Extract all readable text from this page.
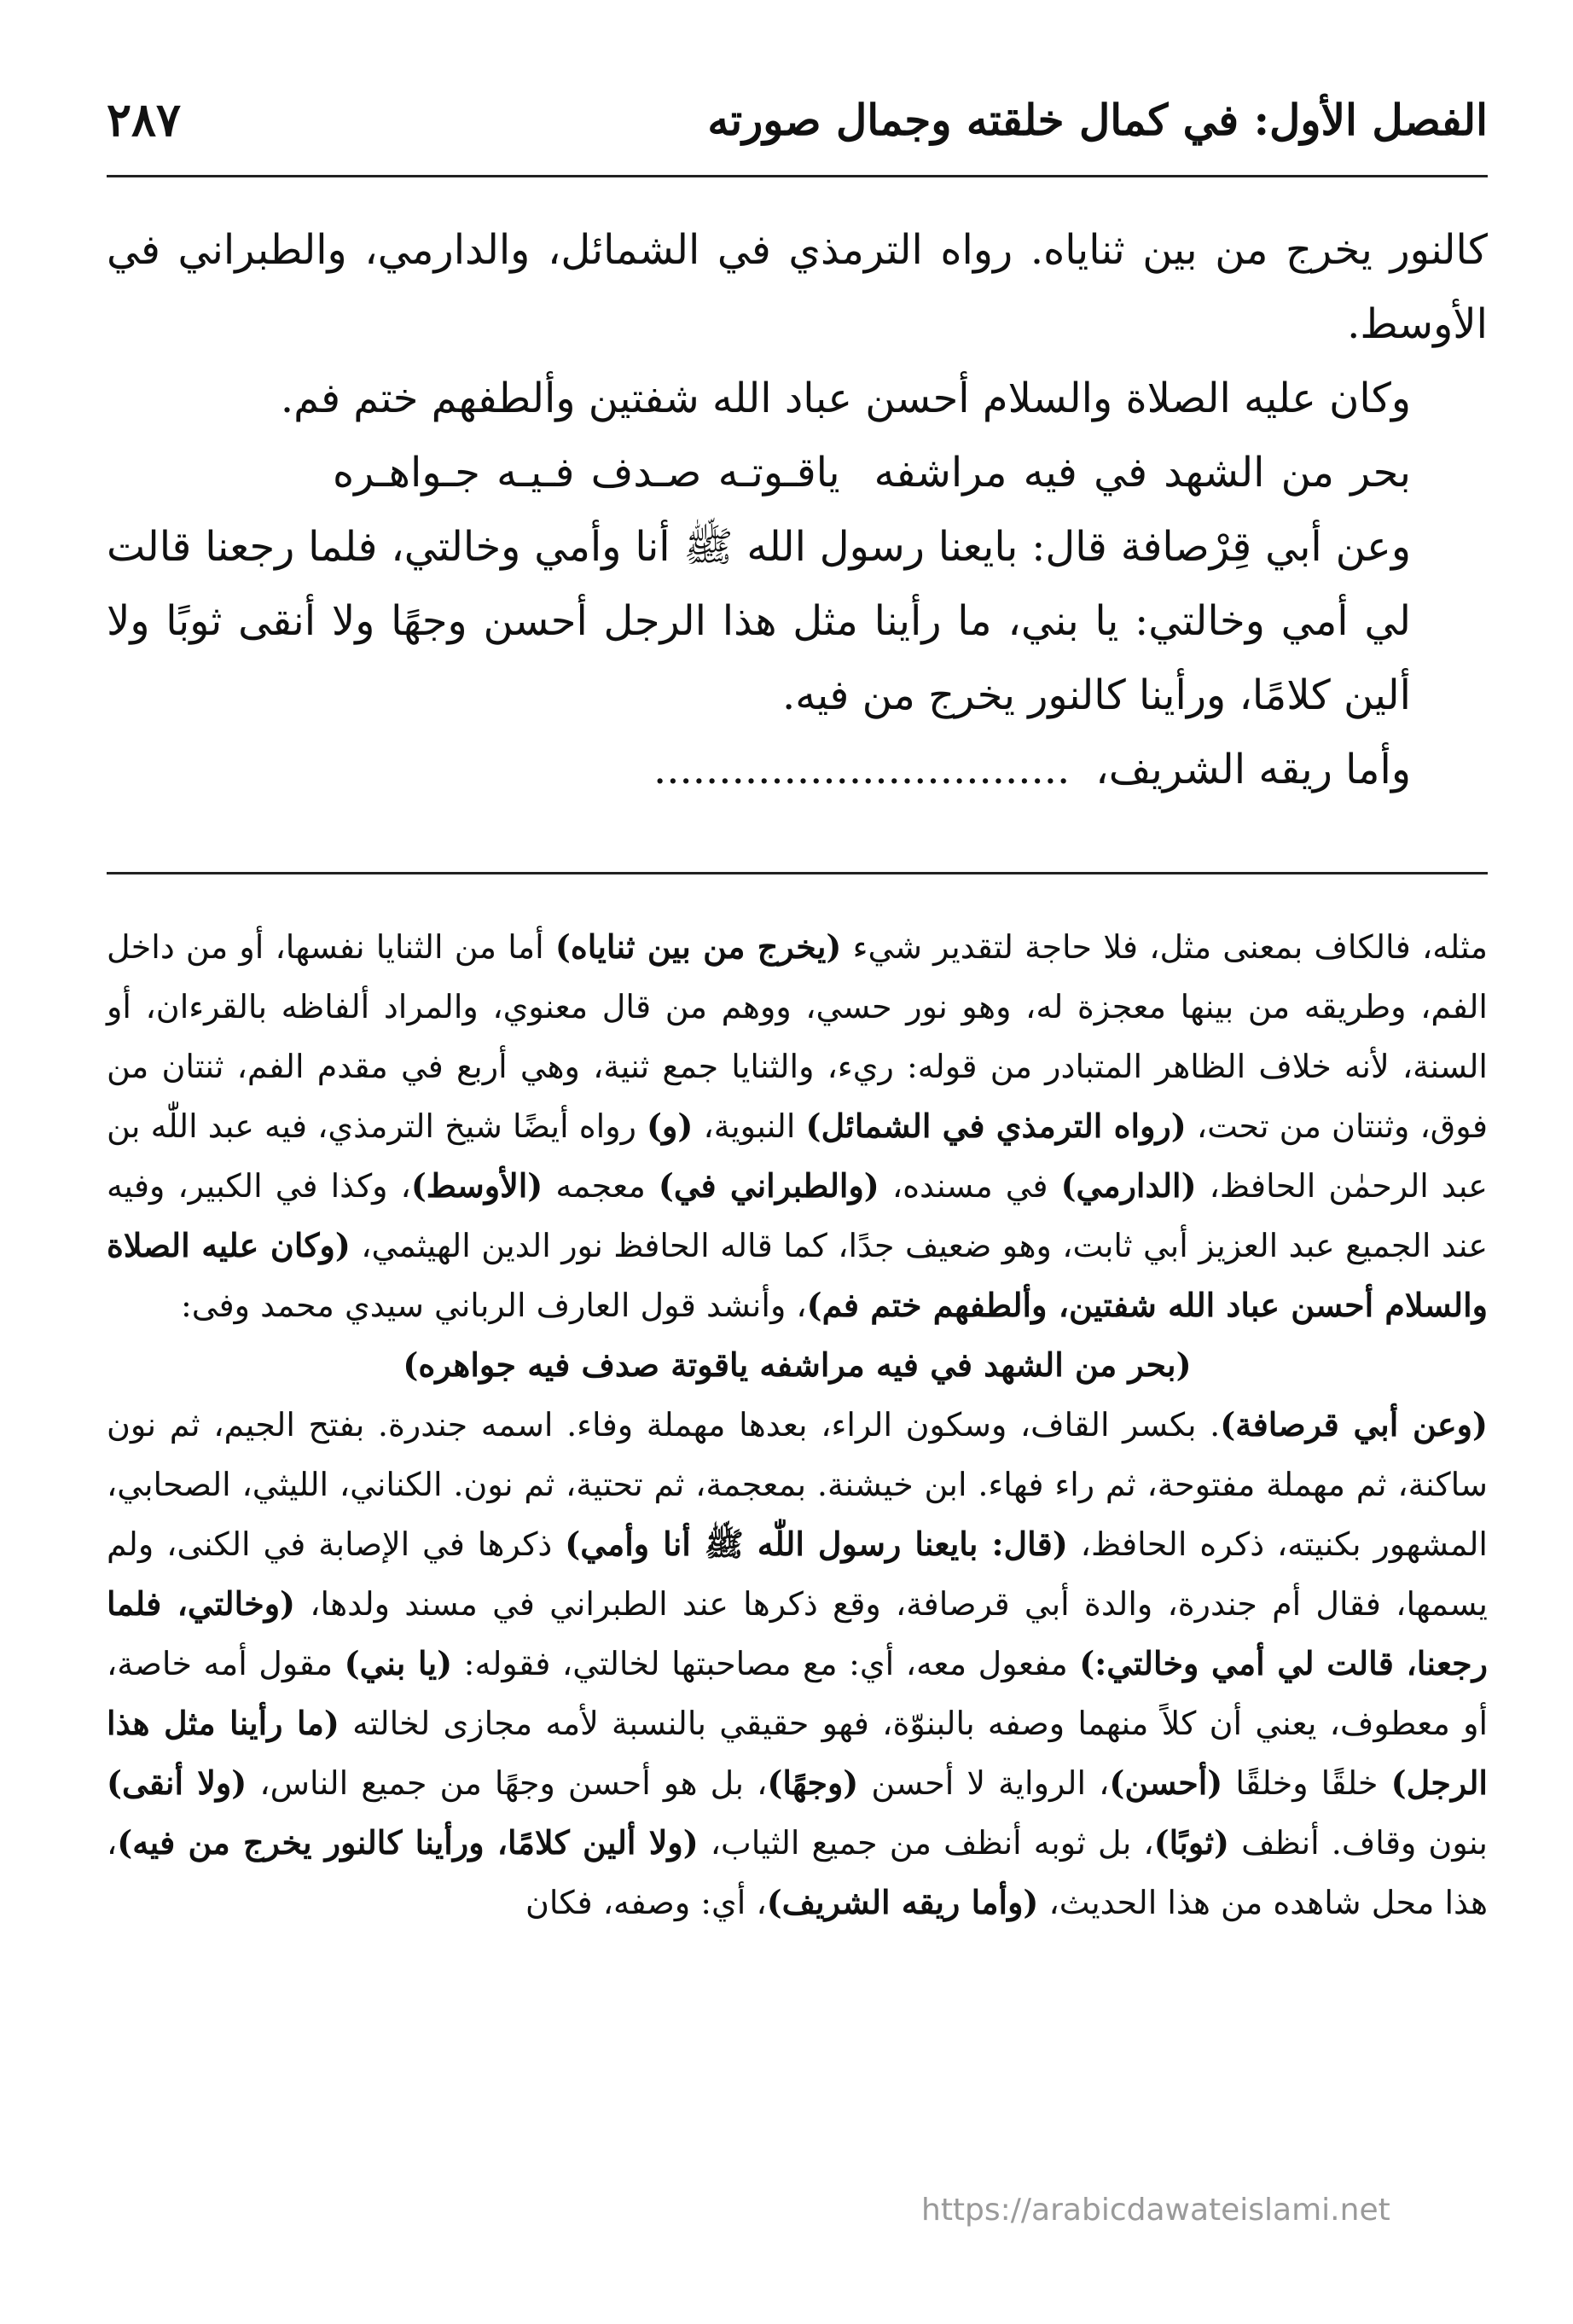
الفصل الأول: في كمال خلقته وجمال صورته
٢٨٧

كالنور يخرج من بين ثناياه. رواه الترمذي في الشمائل، والدارمي، والطبراني في الأوسط.

وكان عليه الصلاة والسلام أحسن عباد الله شفتين وألطفهم ختم فم.

بحر من الشهد في فيه مراشفهياقـوتـه صـدف فـيـه جـواهـره

وعن أبي قِرْصافة قال: بايعنا رسول الله ﷺ أنا وأمي وخالتي، فلما رجعنا قالت لي أمي وخالتي: يا بني، ما رأينا مثل هذا الرجل أحسن وجهًا ولا أنقى ثوبًا ولا ألين كلامًا، ورأينا كالنور يخرج من فيه.

وأما ريقه الشريف،................................

مثله، فالكاف بمعنى مثل، فلا حاجة لتقدير شيء (يخرج من بين ثناياه) أما من الثنايا نفسها، أو من داخل الفم، وطريقه من بينها معجزة له، وهو نور حسي، ووهم من قال معنوي، والمراد ألفاظه بالقرءان، أو السنة، لأنه خلاف الظاهر المتبادر من قوله: ريء، والثنايا جمع ثنية، وهي أربع في مقدم الفم، ثنتان من فوق، وثنتان من تحت، (رواه الترمذي في الشمائل) النبوية، (و) رواه أيضًا شيخ الترمذي، فيه عبد اللّٰه بن عبد الرحمٰن الحافظ، (الدارمي) في مسنده، (والطبراني في) معجمه (الأوسط)، وكذا في الكبير، وفيه عند الجميع عبد العزيز أبي ثابت، وهو ضعيف جدًا، كما قاله الحافظ نور الدين الهيثمي، (وكان عليه الصلاة والسلام أحسن عباد الله شفتين، وألطفهم ختم فم)، وأنشد قول العارف الرباني سيدي محمد وفى:

(بحر من الشهد في فيه مراشفه ياقوتة صدف فيه جواهره)

(وعن أبي قرصافة). بكسر القاف، وسكون الراء، بعدها مهملة وفاء. اسمه جندرة. بفتح الجيم، ثم نون ساكنة، ثم مهملة مفتوحة، ثم راء فهاء. ابن خيشنة. بمعجمة، ثم تحتية، ثم نون. الكناني، الليثي، الصحابي، المشهور بكنيته، ذكره الحافظ، (قال: بايعنا رسول اللّٰه ﷺ أنا وأمي) ذكرها في الإصابة في الكنى، ولم يسمها، فقال أم جندرة، والدة أبي قرصافة، وقع ذكرها عند الطبراني في مسند ولدها، (وخالتي، فلما رجعنا، قالت لي أمي وخالتي:) مفعول معه، أي: مع مصاحبتها لخالتي، فقوله: (يا بني) مقول أمه خاصة، أو معطوف، يعني أن كلاً منهما وصفه بالبنوّة، فهو حقيقي بالنسبة لأمه مجازى لخالته (ما رأينا مثل هذا الرجل) خلقًا وخلقًا (أحسن)، الرواية لا أحسن (وجهًا)، بل هو أحسن وجهًا من جميع الناس، (ولا أنقى) بنون وقاف. أنظف (ثوبًا)، بل ثوبه أنظف من جميع الثياب، (ولا ألين كلامًا، ورأينا كالنور يخرج من فيه)، هذا محل شاهده من هذا الحديث، (وأما ريقه الشريف)، أي: وصفه، فكان

https://arabicdawateislami.net
